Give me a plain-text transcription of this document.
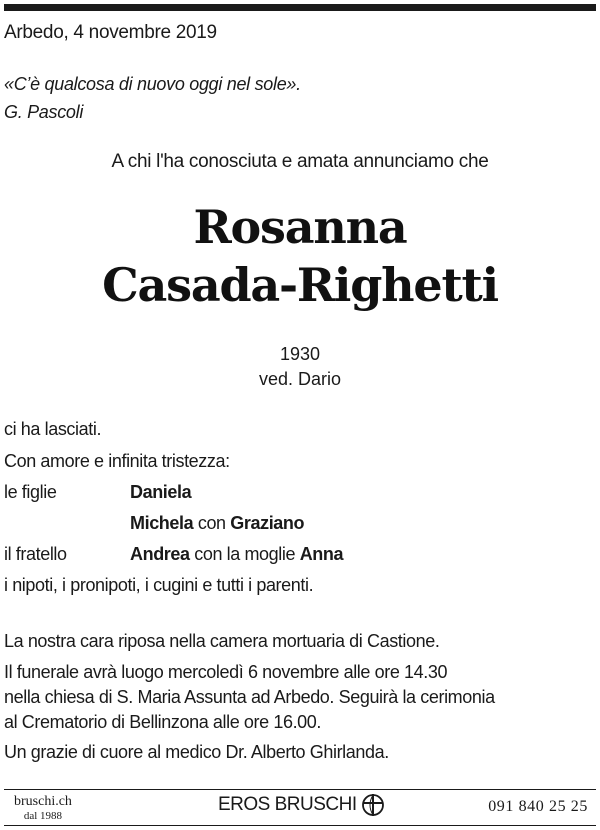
Arbedo, 4 novembre 2019
«C’è qualcosa di nuovo oggi nel sole».
G. Pascoli
A chi l'ha conosciuta e amata annunciamo che
Rosanna
Casada-Righetti
1930
ved. Dario
ci ha lasciati.
Con amore e infinita tristezza:
le figlie	Daniela
Michela con Graziano
il fratello	Andrea con la moglie Anna
i nipoti, i pronipoti, i cugini e tutti i parenti.
La nostra cara riposa nella camera mortuaria di Castione.
Il funerale avrà luogo mercoledì 6 novembre alle ore 14.30
nella chiesa di S. Maria Assunta ad Arbedo. Seguirà la cerimonia
al Crematorio di Bellinzona alle ore 16.00.
Un grazie di cuore al medico Dr. Alberto Ghirlanda.
bruschi.ch
dal 1988
EROS BRUSCHI	091 840 25 25
